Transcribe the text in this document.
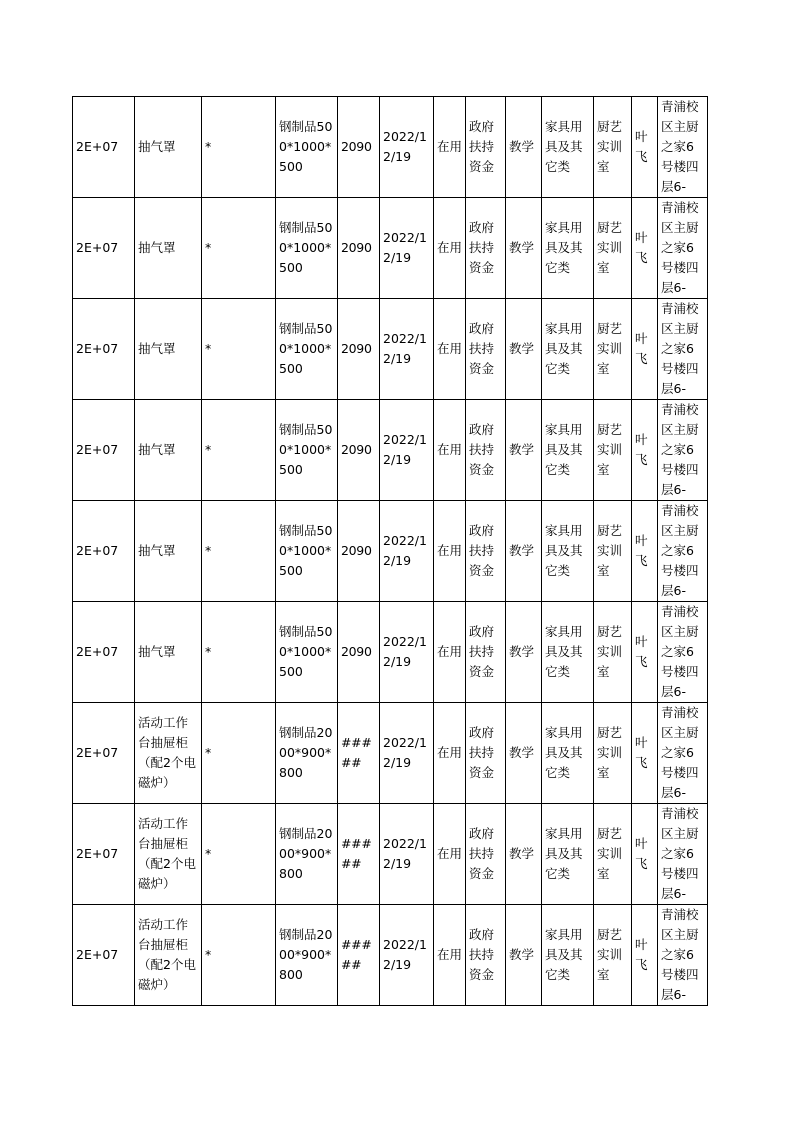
2E+07	抽气罩	*	钢制品500*1000*500	2090	2022/12/19	在用	政府扶持资金	教学	家具用具及其它类	厨艺实训室	叶飞	青浦校区主厨之家6号楼四层6-
2E+07	抽气罩	*	钢制品500*1000*500	2090	2022/12/19	在用	政府扶持资金	教学	家具用具及其它类	厨艺实训室	叶飞	青浦校区主厨之家6号楼四层6-
2E+07	抽气罩	*	钢制品500*1000*500	2090	2022/12/19	在用	政府扶持资金	教学	家具用具及其它类	厨艺实训室	叶飞	青浦校区主厨之家6号楼四层6-
2E+07	抽气罩	*	钢制品500*1000*500	2090	2022/12/19	在用	政府扶持资金	教学	家具用具及其它类	厨艺实训室	叶飞	青浦校区主厨之家6号楼四层6-
2E+07	抽气罩	*	钢制品500*1000*500	2090	2022/12/19	在用	政府扶持资金	教学	家具用具及其它类	厨艺实训室	叶飞	青浦校区主厨之家6号楼四层6-
2E+07	抽气罩	*	钢制品500*1000*500	2090	2022/12/19	在用	政府扶持资金	教学	家具用具及其它类	厨艺实训室	叶飞	青浦校区主厨之家6号楼四层6-
2E+07	活动工作台抽屉柜（配2个电磁炉）	*	钢制品2000*900*800	#####	2022/12/19	在用	政府扶持资金	教学	家具用具及其它类	厨艺实训室	叶飞	青浦校区主厨之家6号楼四层6-
2E+07	活动工作台抽屉柜（配2个电磁炉）	*	钢制品2000*900*800	#####	2022/12/19	在用	政府扶持资金	教学	家具用具及其它类	厨艺实训室	叶飞	青浦校区主厨之家6号楼四层6-
2E+07	活动工作台抽屉柜（配2个电磁炉）	*	钢制品2000*900*800	#####	2022/12/19	在用	政府扶持资金	教学	家具用具及其它类	厨艺实训室	叶飞	青浦校区主厨之家6号楼四层6-
